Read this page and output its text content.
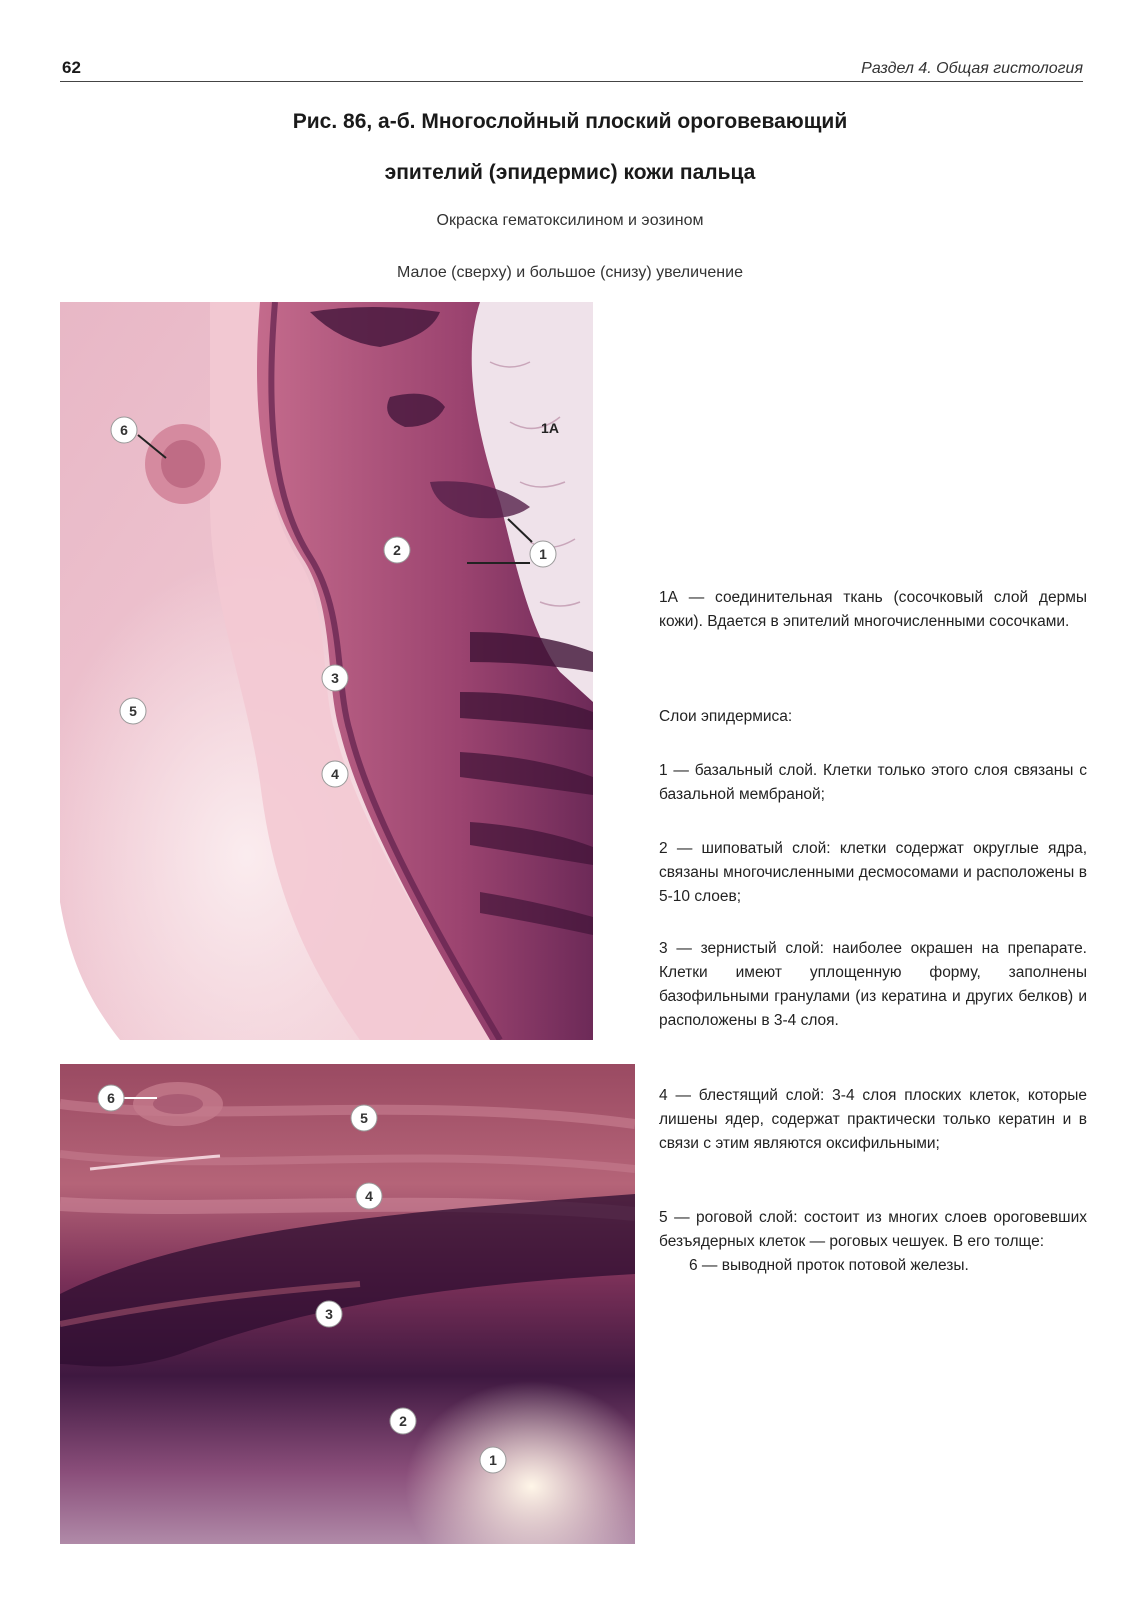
62	Раздел 4. Общая гистология
Рис. 86, а-б. Многослойный плоский ороговевающий
эпителий (эпидермис) кожи пальца
Окраска гематоксилином и эозином
Малое (сверху) и большое (снизу) увеличение
6	1A
2	1
3
5
4
6
5
4
3
2
1

1А — соединительная ткань (сосочковый слой дермы кожи). Вдается в эпителий многочисленными сосочками.

Слои эпидермиса:

1 — базальный слой. Клетки только этого слоя связаны с базальной мембраной;

2 — шиповатый слой: клетки содержат округлые ядра, связаны многочисленными десмосомами и расположены в 5-10 слоев;

3 — зернистый слой: наиболее окрашен на препарате. Клетки имеют уплощенную форму, заполнены базофильными гранулами (из кератина и других белков) и расположены в 3-4 слоя.

4 — блестящий слой: 3-4 слоя плоских клеток, которые лишены ядер, содержат практически только кератин и в связи с этим являются оксифильными;

5 — роговой слой: состоит из многих слоев ороговевших безъядерных клеток — роговых чешуек. В его толще:

6 — выводной проток потовой железы.
